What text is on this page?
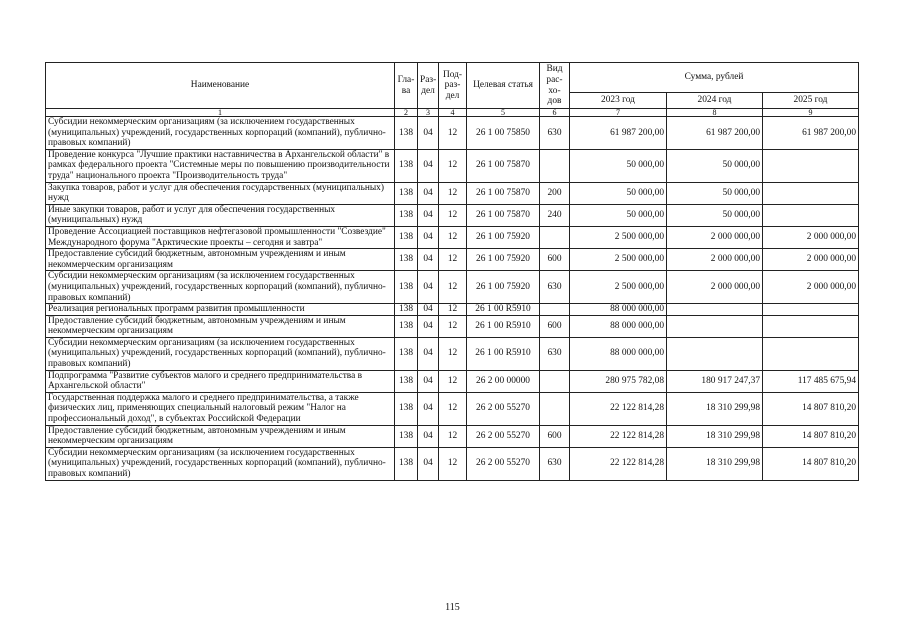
Наименование	Гла-ва	Раз-дел	Под-раз-дел	Целевая статья	Вид рас-хо-дов	Сумма, рублей		
						2023 год	2024 год	2025 год
1	2	3	4	5	6	7	8	9
Субсидии некоммерческим организациям (за исключением государственных (муниципальных) учреждений, государственных корпораций (компаний), публично-правовых компаний)	138	04	12	26 1 00 75850	630	61 987 200,00	61 987 200,00	61 987 200,00
Проведение конкурса "Лучшие практики наставничества в Архангельской области" в рамках федерального проекта "Системные меры по повышению производительности труда" национального проекта "Производительность труда"	138	04	12	26 1 00 75870		50 000,00	50 000,00	
Закупка товаров, работ и услуг для обеспечения государственных (муниципальных) нужд	138	04	12	26 1 00 75870	200	50 000,00	50 000,00	
Иные закупки товаров, работ и услуг для обеспечения государственных (муниципальных) нужд	138	04	12	26 1 00 75870	240	50 000,00	50 000,00	
Проведение Ассоциацией поставщиков нефтегазовой промышленности "Созвездие" Международного форума "Арктические проекты – сегодня и завтра"	138	04	12	26 1 00 75920		2 500 000,00	2 000 000,00	2 000 000,00
Предоставление субсидий бюджетным, автономным учреждениям и иным некоммерческим организациям	138	04	12	26 1 00 75920	600	2 500 000,00	2 000 000,00	2 000 000,00
Субсидии некоммерческим организациям (за исключением государственных (муниципальных) учреждений, государственных корпораций (компаний), публично-правовых компаний)	138	04	12	26 1 00 75920	630	2 500 000,00	2 000 000,00	2 000 000,00
Реализация региональных программ развития промышленности	138	04	12	26 1 00 R5910		88 000 000,00		
Предоставление субсидий бюджетным, автономным учреждениям и иным некоммерческим организациям	138	04	12	26 1 00 R5910	600	88 000 000,00		
Субсидии некоммерческим организациям (за исключением государственных (муниципальных) учреждений, государственных корпораций (компаний), публично-правовых компаний)	138	04	12	26 1 00 R5910	630	88 000 000,00		
Подпрограмма "Развитие субъектов малого и среднего предпринимательства в Архангельской области"	138	04	12	26 2 00 00000		280 975 782,08	180 917 247,37	117 485 675,94
Государственная поддержка малого и среднего предпринимательства, а также физических лиц, применяющих специальный налоговый режим "Налог на профессиональный доход", в субъектах Российской Федерации	138	04	12	26 2 00 55270		22 122 814,28	18 310 299,98	14 807 810,20
Предоставление субсидий бюджетным, автономным учреждениям и иным некоммерческим организациям	138	04	12	26 2 00 55270	600	22 122 814,28	18 310 299,98	14 807 810,20
Субсидии некоммерческим организациям (за исключением государственных (муниципальных) учреждений, государственных корпораций (компаний), публично-правовых компаний)	138	04	12	26 2 00 55270	630	22 122 814,28	18 310 299,98	14 807 810,20
115
